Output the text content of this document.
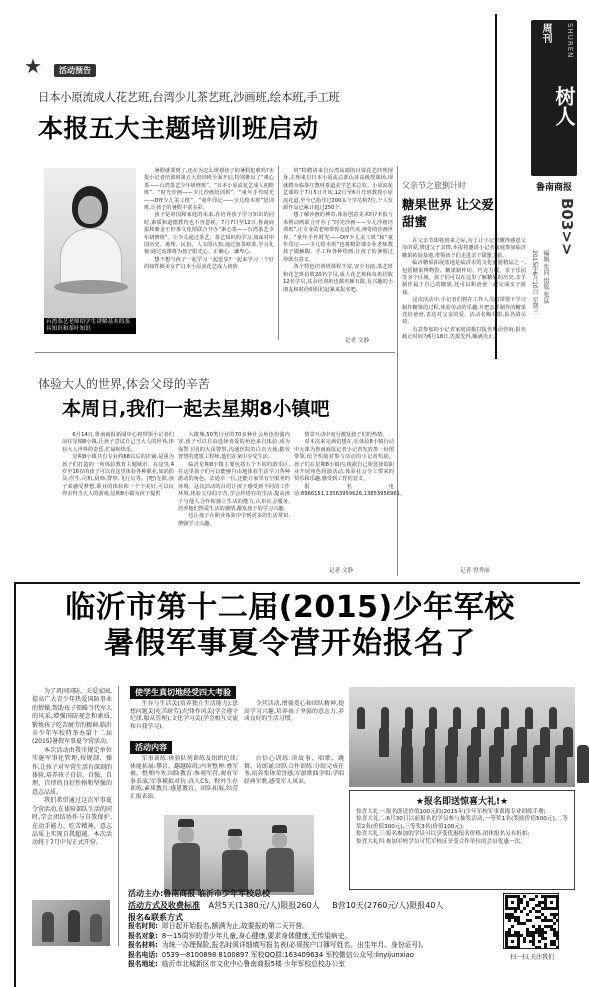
树人
周刊	SHUREN
鲁南商报
B03>>
编辑 张同 组版 张猛
2015年6月10日 星期三
★	活动预告
日本小原流成人花艺班,台湾少儿茶艺班,沙画班,绘本班,手工班
本报五大主题培训班启动
台湾茶艺老师给学生讲解基本的茶具知识和茶叶知识

暑假就要到了,还在为怎么规划孩子的暑假犯难吗?本报小记者培训班第五大培训班全面开启,特别推出了“素心茶——台湾茶艺少年研修班”、“日本小原流花艺成人初阶班”、“时光沙画——少儿沙画培训班”、“童年手作时光——DIY少儿美工班”、“童年印记——少儿绘本班”培训班,让孩子的暑假丰富多彩。

孩子是祖国和家庭的未来,在培养孩子学习知识的同时,素质和道德教育也不容忽视。7月7日至12日,鲁南商报和紫金王轩茶文化馆联合开办“素心茶——台湾茶艺少年研修班”。让少儿通过茶艺、茶艺知识的学习,加深对中国历史、地理、民俗、人文的认知,通过泡茶欧茶,学习礼貌;通过该课将为孩子阳光心、正确心、谦卑心。

想不想与孩子一起学习一起进步?一起来学习一个好的知性换美女?”日本小原流花艺成人初阶

班”特聘请来自台湾高端的日资花艺经理现身,主理来自日本小原流总部认证高级授课场,现就聘为临茶庄教材茶道美学艺术总监。小原流花艺课程于7月5日开始,12月至6月开班教授小原流花道,至今已指导过200多个学员和7位,个人发源作品已累计超过250个。

想了解沙画的神奇,体验创意美术吗?本报与米格动画联合开办了“时光沙画——少儿沙画培训班”,让专业的老师带你走进代美,神奇的沙画世界。“童年手作时光——DIY少儿美工班”和“童年印记——少儿绘本班”也将精彩课专业老师教孩子做触陶、手工和各种绘画,让孩子的暑假过得既有意义。

各个特色培训班课程丰富,安全有助,茶艺班和花艺班招收20名学员,成人花艺班和每班招收12名学员,其余培训班也都名额有限,有兴趣的小朋友和时尚姐妈们赶紧来报名吧。

记者 文静
父亲节之旅倒计时
糖果世界 让父爱甜蜜

在父亲节即将到来之际,为了让小记者懂得感恩父母的爱,增进父子亲情,本报将邀请小记者家庭参加临沂糖果拓展基地,带领孩子们走进亲子甜蜜之旅。

临沂糖果拓展基地是临沂市的文化旅游精品之一,包括糖果博物馆、糖果制作坊、巧克力城、亲子乐园等多个区域。孩子们可以在这里了解糖果的历史,亲手制作属于自己的糖果,还可以和爸爸一起完成亲子游戏。

这次活动中,小记者们将在工作人员的带领下学习制作糖果的过程,体验劳动的乐趣,并把亲手制作的糖果送给爸爸,表达对父亲的爱。活动名额有限,报名请尽快。

有意参加的小记者家庭请拨打报名电话咨询,报名截止时间为6月18日,先报先得,额满为止。

记者 曾秀丽
体验大人的世界,体会父母的辛苦
本周日,我们一起去星期8小镇吧

6月14日,鲁南商报新闻中心将带领小记者们前往星期8小镇,让孩子尝试自己当大人的世界,体验大人世界的奇乐,忙碌和快乐。

星期8小镇共有专业约68以后的店铺,是重为孩子们打造的一所体验教育主题城市。在这里,4岁至16岁的孩子可以在这里体验各种职业,如消防员,医生,司机,厨师,警察,飞行员等。(吧)无限,孩子来感受梦想,职业的体验和一个个美好,可以玩得舍得当大人的游戏,星期8小镇为孩子提供

大微城,50类行业的70多种社会角色扮演内容,孩子可以自由选择喜爱的角色来自体验,成为保警卫国的大凤警察,沟通医院的白衣天使,勤劳智慧的建筑工程师,他们在家中享受生活。

临沂星期8小镇主要包括五个不同的游乐区,在这里孩子们可以能够自由地体验生活学习各种游动的角色。去通卓一位,还能让家里有空服务的环境。这次活动的目的让孩子感受到不同的工作环境,体验父母的辛苦,学会珍惜在的生活,提高孩子与他人合作和独立生活的能力,认识社会服务,培养他们热爱生活的感情,激发孩子的学习兴趣。

也让孩子在职业体验中学到更多的生活常识,增强学习兴趣。

情景互动中充分激发孩子们的热情。

对本次来完满们想在,在体验8小镇行动中大课为鲁南商报记者小记者发放参一份图带领,给予奖励对参与活动的小记者奖励。孩子们在星期8小镇内,根据自己所选择的职业开展角色扮演活动,体验社会分工带来的快乐和乐趣,感受到工作的意义。

报名电话:8966151,13563959626,13853956961。

记者 文静
临沂市第十二届(2015)少年军校
暑假军事夏令营开始报名了

为了巩固国防、关爱家园,提高广大青少年热爱国防事业的情操,帮助孩子领略当代军人的风采,增强国防观念和素质,锻炼孩子吃苦耐劳的精神,临沂市少年军校特举办第十二届(2015)暑假军事夏令营活动。

本次活动由我市规定单位实施军事化管理,按规制、操作,让孩子对军营生活有深刻的体验,培养孩子自信、自强、自理、自律的良好性格和坚强的意志品质。

我们希望通过这次军事夏令营活动,在体验部队生活的同时,学会团结协作与自我保护,在动手能力、吃苦精神、意志品质上实现自我超越。本次活动将于7月中旬正式开营。

使学生真切地经受四大考验

生存与生活关(培养独立生活能力);思想问题关(吃苦耐劳);纪律作风关(学会遵守纪律,服从管理);文化学习关(学会相互交流和自我学习)。

令营活动,增强爱心和团队精神,提高学习兴趣,培养孩子坚强的意志力,养成良好的生活习惯。

活动内容

军事训练:体验队列训练及组织纪律;体能拓展:攀岩、翻越障碍;内务整理:叠军被、整理内务;国防教育:参观军营,观看军事表演;军事模拟对抗:真人CS、野外生存训练;素质教育:感恩教育、团队拓展,结营汇报表演。

自信心训练:讲故事、唱歌、跳舞、诗朗诵;团队合作训练:分组完成任务,培养集体荣誉感;军旅歌曲学唱:学唱经典军歌,感受军人风采。

★报名即送惊喜大礼!★
惊喜大礼一:报名即送价值100元的(2015年)少年军校军事训练专业训练手册;
惊喜大礼二:6月30日以前报名的学员参与抽奖活动,一等奖1名(奖励价值500元),二等奖2名(价值300元),三等奖3名(价值100元);
惊喜大礼三:报名参加的学员可以享受优惠报名价格,团体报名另有折扣;
惊喜大礼四:参加军校学员可凭军校证享受合作单位的会员优惠一次。
活动主办:鲁南商报 临沂市少年军校总校
活动方式及收费标准 A营5天(1380元/人)限报260人 B营10天(2760元/人)限报40人
报名&联系方式
报名时间: 即日起开始报名,额满为止,故要报的第二天开营。
报名对象: 8—15周岁的青少年儿童,身心健康,要求身体健康,无传染病史。
报名材料: 为统一办理保险,报名时须详细填写报名表(必须按户口簿写姓名、出生年月、身份证号)。
报名电话: 0539—8100898 8100897 军校QQ群:163409634 军校微信公众号:linyijunxiao
报名地址: 临沂市北城新区市文化中心鲁南商报5楼 少年军校总校办公室
扫一扫,关注我们
